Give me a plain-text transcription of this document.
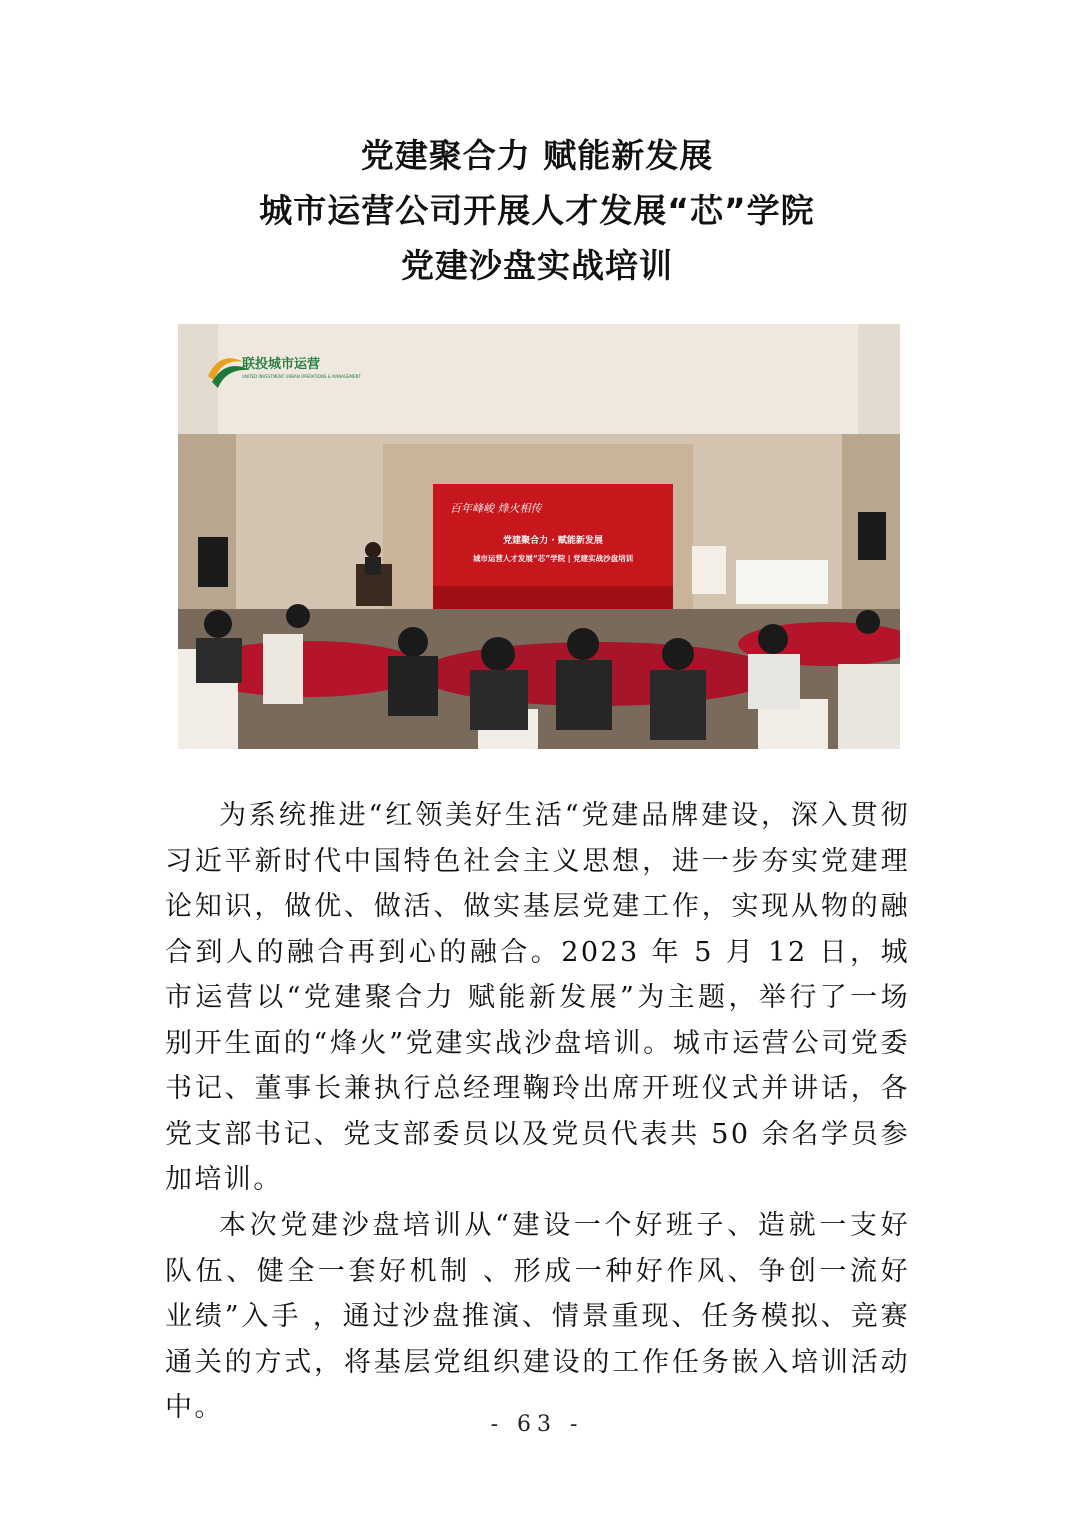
党建聚合力 赋能新发展
城市运营公司开展人才发展“芯”学院
党建沙盘实战培训
百年峰峻 烽火相传
党建聚合力 · 赋能新发展
城市运营人才发展“芯”学院 | 党建实战沙盘培训
联投城市运营
UNITED INVESTMENT URBAN OPERATIONS & MANAGEMENT

为系统推进“红领美好生活“党建品牌建设，深入贯彻习近平新时代中国特色社会主义思想，进一步夯实党建理论知识，做优、做活、做实基层党建工作，实现从物的融合到人的融合再到心的融合。2023 年 5 月 12 日，城市运营以“党建聚合力 赋能新发展”为主题，举行了一场别开生面的“烽火”党建实战沙盘培训。城市运营公司党委书记、董事长兼执行总经理鞠玲出席开班仪式并讲话，各党支部书记、党支部委员以及党员代表共 50 余名学员参加培训。

本次党建沙盘培训从“建设一个好班子、造就一支好队伍、健全一套好机制 、形成一种好作风、争创一流好业绩”入手 ，通过沙盘推演、情景重现、任务模拟、竞赛通关的方式，将基层党组织建设的工作任务嵌入培训活动中。

- 63 -
